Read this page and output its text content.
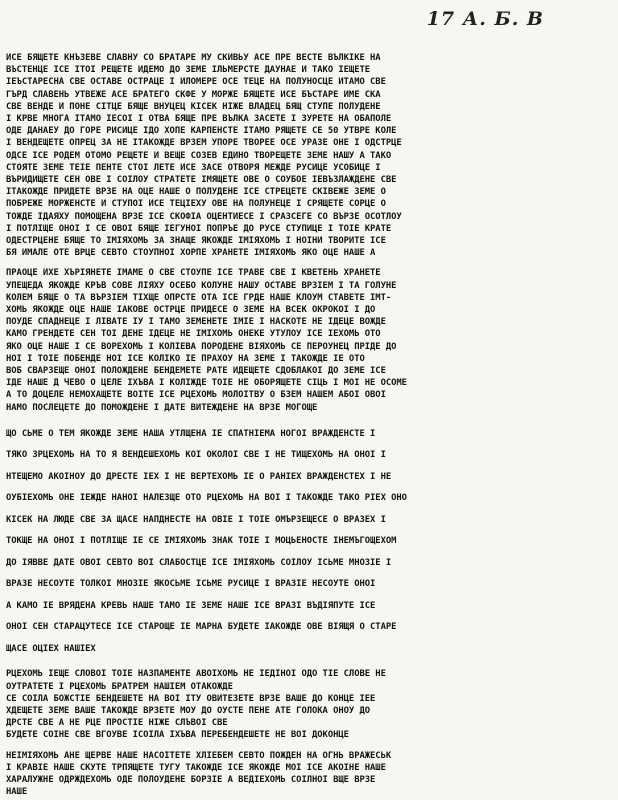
17 А. Б. В
ИСЕ БЯЩЕТЕ КНЪЗЕВЕ СЛАВНУ СО БРАТАРЕ МУ СКИВЬУ АСЕ ПРЕ ВЕСТЕ ВЪЛКІКЕ НА
ВЪСТЕНЦЕ ІСЕ ІТОІ РЕЩЕТЕ ИДЕМО ДО ЗЕМЕ ІЛЬМЕРСТЕ ДАУНАЕ И ТАКО ІЕЩЕТЕ
ІЕЪСТАРЕСНА СВЕ ОСТАВЕ ОСТРАЦЕ І ИЛОМЕРЕ ОСЕ ТЕЦЕ НА ПОЛУНОСЦЕ ИТАМО СВЕ
ГЪРД СЛАВЕНЬ УТВЕЖЕ АСЕ БРАТЕГО СКФЕ У МОРЖЕ БЯЩЕТЕ ИСЕ БЪСТАРЕ ИМЕ СКА
СВЕ ВЕНДЕ И ПОНЕ СІТЦЕ БЯЩЕ ВНУЦЕЦ КІСЕК НІЖЕ ВЛАДЕЦ БЯЩ СТУПЕ ПОЛУДЕНЕ
І КРВЕ МНОГА ІТАМО ІЕСОІ І ОТВА БЯЩЕ ПРЕ ВЪЛКА ЗАСЕТЕ І ЗУРЕТЕ НА ОБАПОЛЕ
ОДЕ ДАНАЕУ ДО ГОРЕ РИСИЦЕ ІДО ХОПЕ КАРПЕНСТЕ ІТАМО РЯЩЕТЕ СЕ 50 УТВРЕ КОЛЕ
І ВЕНДЕЩЕТЕ ОПРЕЦ ЗА НЕ ІТАКОЖДЕ ВРЗЕМ УПОРЕ ТВОРЕЕ ОСЕ УРАЗЕ ОНЕ І ОДСТРЦЕ
ОДСЕ ІСЕ РОДЕМ ОТОМО РЕЩЕТЕ И ВЕЩЕ СОЗЕВ ЕДИНО ТВОРЕЩЕТЕ ЗЕМЕ НАШУ А ТАКО
СТОЯТЕ ЗЕМЕ ТЕІЕ ПЕНТЕ СТОІ ЛЕТЕ ИСЕ ЗАСЕ ОТВОРЯ МЕЖДЕ РУСИЦЕ УСОБИЦЕ І
ВЪРИДИЩЕТЕ СЕН ОВЕ І СОІЛОУ СТРАТЕТЕ ІМЯЩЕТЕ ОВЕ О СОУБОЕ ІЕВЪЗЛАЖДЕНЕ СВЕ
ІТАКОЖДЕ ПРИДЕТЕ ВРЗЕ НА ОЦЕ НАШЕ О ПОЛУДЕНЕ ІСЕ СТРЕЦЕТЕ СКІВЕЖЕ ЗЕМЕ О
ПОБРЕЖЕ МОРЖЕНСТЕ И СТУПОІ ИСЕ ТЕЦІЕХУ ОВЕ НА ПОЛУНЕЦЕ І СРЯЩЕТЕ СОРЦЕ О
ТОЖДЕ ІДАЯХУ ПОМОЩЕНА ВРЗЕ ІСЕ СКОФІА ОЦЕНТИЕСЕ І СРАЗСЕГЕ СО ВЪРЗЕ ОСОТЛОУ
І ПОТЛІЩЕ ОНОІ І СЕ ОВОІ БЯЩЕ ІЕГУНОІ ПОПРЪЕ ДО РУСЕ СТУПИЦЕ І ТОІЕ КРАТЕ
ОДЕСТРЦЕНЕ БЯЩЕ ТО ІМІЯХОМЬ ЗА ЗНАЩЕ ЯКОЖДЕ ІМІЯХОМЬ І НОІНИ ТВОРИТЕ ІСЕ
БЯ ИМАЛЕ ОТЕ ВРЦЕ СЕВТО СТОУПНОІ ХОРПЕ ХРАНЕТЕ ІМІЯХОМЬ ЯКО ОЦЕ НАШЕ А
ПРАОЦЕ ИХЕ ХЪРІЯНЕТЕ ІМАМЕ О СВЕ СТОУПЕ ІСЕ ТРАВЕ СВЕ І КВЕТЕНЬ ХРАНЕТЕ
УПЕЩЕДА ЯКОЖДЕ КРЪВ СОВЕ ЛІЯХУ ОСЕБО КОЛУНЕ НАШУ ОСТАВЕ ВРЗІЕМ І ТА ГОЛУНЕ
КОЛЕМ БЯЩЕ О ТА ВЪРЗІЕМ ТІХЩЕ ОПРСТЕ ОТА ІСЕ ГРДЕ НАШЕ КЛОУМ СТАВЕТЕ ІМТ-
ХОМЬ ЯКОЖДЕ ОЦЕ НАШЕ ІАКОВЕ ОСТРЦЕ ПРИДЕСЕ О ЗЕМЕ НА ВСЕК ОКРОКОІ І ДО
ПОУДЕ СПАДНЕЦЕ І ЛІВАТЕ ІУ І ТАМО ЗЕМЕНЕТЕ ІМІЕ І НАСКОТЕ НЕ ІДЕЦЕ ВОЖДЕ
КАМО ГРЕНДЕТЕ СЕН ТОІ ДЕНЕ ІДЕЦЕ НЕ ІМІХОМЬ ОНЕКЕ УТУЛОУ ІСЕ ІЕХОМЬ ОТО
ЯКО ОЦЕ НАШЕ І СЕ ВОРЕХОМЬ І КОЛІЕВА ПОРОДЕНЕ ВІЯХОМЬ СЕ ПЕРОУНЕЦ ПРІДЕ ДО
НОІ І ТОІЕ ПОБЕНДЕ НОІ ІСЕ КОЛІКО ІЕ ПРАХОУ НА ЗЕМЕ І ТАКОЖДЕ ІЕ ОТО
ВОБ СВАРЗЕЩЕ ОНОІ ПОЛОЖДЕНЕ БЕНДЕМЕТЕ РАТЕ ИДЕЩЕТЕ СДОБЛАКОІ ДО ЗЕМЕ ІСЕ
ІДЕ НАШЕ Д ЧЕВО О ЦЕЛЕ ІХЪВА І КОЛІЖДЕ ТОІЕ НЕ ОБОРЯЩЕТЕ СІЦЬ І МОІ НЕ ОСОМЕ
А ТО ДОЦЕЛЕ НЕМОХАЩЕТЕ ВОІТЕ ІСЕ РЦЕХОМЬ МОЛОІТВУ О БЗЕМ НАШЕМ АБОІ ОВОІ
НАМО ПОСЛЕЦЕТЕ ДО ПОМОЖДЕНЕ І ДАТЕ ВИТЕЖДЕНЕ НА ВРЗЕ МОГОЩЕ
ЩО СЬМЕ О ТЕМ ЯКОЖДЕ ЗЕМЕ НАША УТЛЩЕНА ІЕ СПАТНІЕМА НОГОІ ВРАЖДЕНСТЕ І
ТЯКО ЗРЦЕХОМЬ НА ТО Я ВЕНДЕШЕХОМЬ КОІ ОКОЛОІ СВЕ І НЕ ТИЩЕХОМЬ НА ОНОІ І
НТЕЩЕМО АКОІНОУ ДО ДРЕСТЕ ІЕХ І НЕ ВЕРТЕХОМЬ ІЕ О РАНІЕХ ВРАЖДЕНСТЕХ І НЕ
ОУБІЕХОМЬ ОНЕ ІЕЖДЕ НАНОІ НАЛЕЗЩЕ ОТО РЦЕХОМЬ НА ВОІ І ТАКОЖДЕ ТАКО РІЕХ ОНО
КІСЕК НА ЛЮДЕ СВЕ ЗА ЩАСЕ НАПДНЕСТЕ НА ОВІЕ І ТОІЕ ОМЪРЗЕЩЕСЕ О ВРАЗЕХ І
ТОКЩЕ НА ОНОІ І ПОТЛІЩЕ ІЕ СЕ ІМІЯХОМЬ ЗНАК ТОІЕ І МОЦЬЕНОСТЕ ІНЕМЪГОЩЕХОМ
ДО ІЯВВЕ ДАТЕ ОВОІ СЕВТО ВОІ СЛАБОСТЦЕ ІСЕ ІМІЯХОМЬ СОІЛОУ ІСЬМЕ МНОЗІЕ І
ВРАЗЕ НЕСОУТЕ ТОЛКОІ МНОЗІЕ ЯКОСЬМЕ ІСЬМЕ РУСИЦЕ І ВРАЗІЕ НЕСОУТЕ ОНОІ
А КАМО ІЕ ВРЯДЕНА КРЕВЬ НАШЕ ТАМО ІЕ ЗЕМЕ НАШЕ ІСЕ ВРАЗІ ВЪДІЯПУТЕ ІСЕ
ОНОІ СЕН СТАРАЦУТЕСЕ ІСЕ СТАРОЩЕ ІЕ МАРНА БУДЕТЕ ІАКОЖДЕ ОВЕ ВІЯЩЯ О СТАРЕ
ЩАСЕ ОЦІЕХ НАШІЕХ
РЦЕХОМЬ ІЕЩЕ СЛОВОІ ТОІЕ НАЗПАМЕНТЕ АВОІХОМЬ НЕ ІЕДІНОІ ОДО ТІЕ СЛОВЕ НЕ
ОУТРАТЕТЕ І РЦЕХОМЬ БРАТРЕМ НАШІЕМ ОТАКОЖДЕ
СЕ СОІЛА БОЖСТІЕ БЕНДЕШЕТЕ НА ВОІ ІТУ ОВИТЕЗЕТЕ ВРЗЕ ВАШЕ ДО КОНЦЕ ІЕЕ
ХДЕЩЕТЕ ЗЕМЕ ВАШЕ ТАКОЖДЕ ВРЗЕТЕ МОУ ДО ОУСТЕ ПЕНЕ АТЕ ГОЛОКА ОНОУ ДО
ДРСТЕ СВЕ А НЕ РЦЕ ПРОСТІЕ НІЖЕ СЛЪВОІ СВЕ
БУДЕТЕ СОІНЕ СВЕ ВГОУВЕ ІСОІЛА ІХЪВА ПЕРЕБЕНДЕШЕТЕ НЕ ВОІ ДОКОНЦЕ
НЕІМІЯХОМЬ АНЕ ЩЕРВЕ НАШЕ НАСОІТЕТЕ ХЛІЕБЕМ СЕВТО ПОЖДЕН НА ОГНЬ ВРАЖЕСЬК
І КРАВІЕ НАШЕ СКУТЕ ТРПЯЩЕТЕ ТУГУ ТАКОЖДЕ ІСЕ ЯКОЖДЕ МОІ ІСЕ АКОІНЕ НАШЕ
ХАРАЛУЖНЕ ОДРЖДЕХОМЬ ОДЕ ПОЛОУДЕНЕ БОРЗІЕ А ВЕДІЕХОМЬ СОІЛНОІ ВЩЕ ВРЗЕ
НАШЕ
